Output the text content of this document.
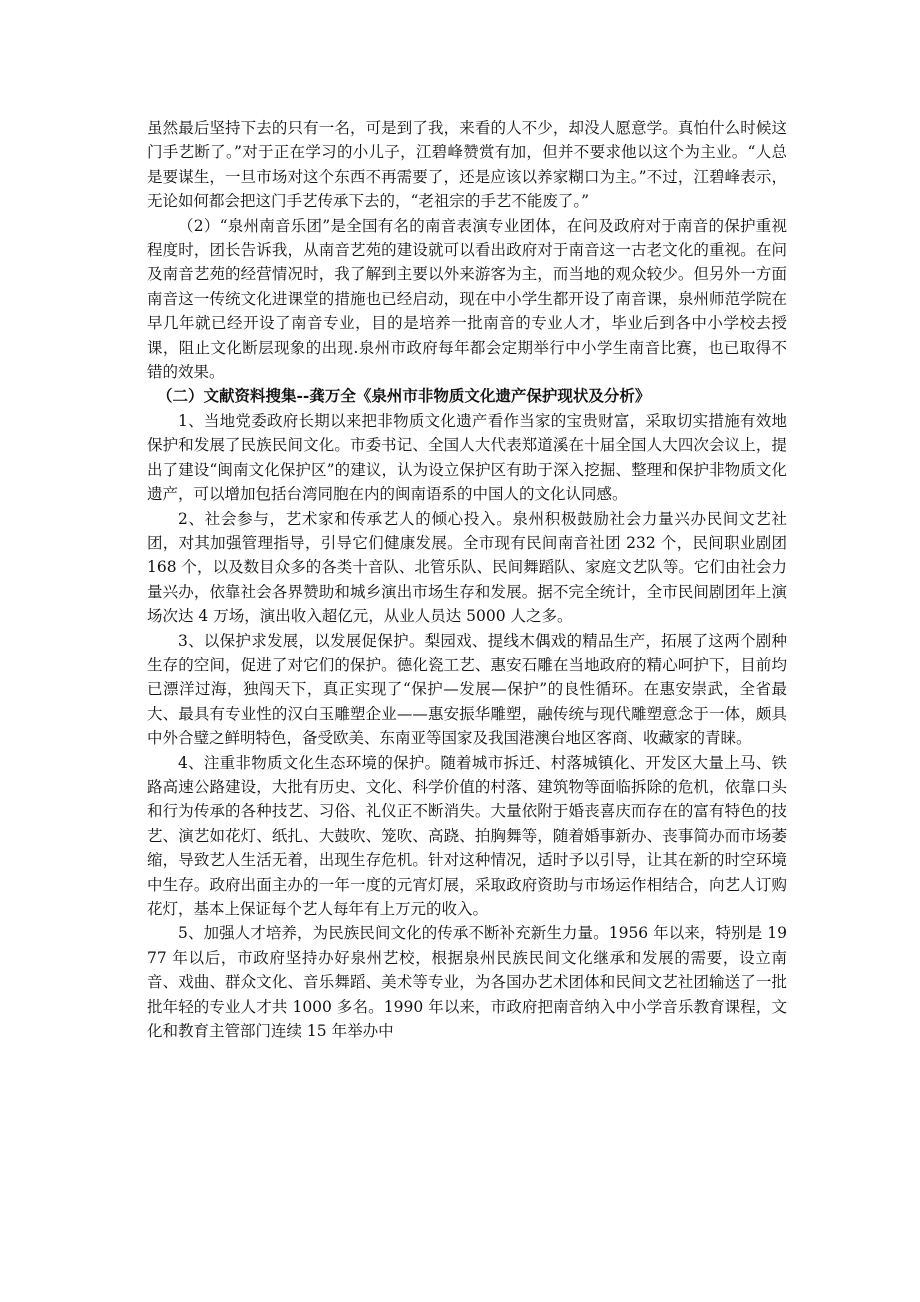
虽然最后坚持下去的只有一名，可是到了我，来看的人不少，却没人愿意学。真怕什么时候这门手艺断了。”对于正在学习的小儿子，江碧峰赞赏有加，但并不要求他以这个为主业。“人总是要谋生，一旦市场对这个东西不再需要了，还是应该以养家糊口为主。”不过，江碧峰表示，无论如何都会把这门手艺传承下去的，“老祖宗的手艺不能废了。”

（2）“泉州南音乐团”是全国有名的南音表演专业团体，在问及政府对于南音的保护重视程度时，团长告诉我，从南音艺苑的建设就可以看出政府对于南音这一古老文化的重视。在问及南音艺苑的经营情况时，我了解到主要以外来游客为主，而当地的观众较少。但另外一方面南音这一传统文化进课堂的措施也已经启动，现在中小学生都开设了南音课，泉州师范学院在早几年就已经开设了南音专业，目的是培养一批南音的专业人才，毕业后到各中小学校去授课，阻止文化断层现象的出现.泉州市政府每年都会定期举行中小学生南音比赛，也已取得不错的效果。

（二）文献资料搜集--龚万全《泉州市非物质文化遗产保护现状及分析》

1、当地党委政府长期以来把非物质文化遗产看作当家的宝贵财富，采取切实措施有效地保护和发展了民族民间文化。市委书记、全国人大代表郑道溪在十届全国人大四次会议上，提出了建设“闽南文化保护区”的建议，认为设立保护区有助于深入挖掘、整理和保护非物质文化遗产，可以增加包括台湾同胞在内的闽南语系的中国人的文化认同感。

2、社会参与，艺术家和传承艺人的倾心投入。泉州积极鼓励社会力量兴办民间文艺社团，对其加强管理指导，引导它们健康发展。全市现有民间南音社团 232 个，民间职业剧团 168 个，以及数目众多的各类十音队、北管乐队、民间舞蹈队、家庭文艺队等。它们由社会力量兴办，依靠社会各界赞助和城乡演出市场生存和发展。据不完全统计，全市民间剧团年上演场次达 4 万场，演出收入超亿元，从业人员达 5000 人之多。

3、以保护求发展，以发展促保护。梨园戏、提线木偶戏的精品生产，拓展了这两个剧种生存的空间，促进了对它们的保护。德化瓷工艺、惠安石雕在当地政府的精心呵护下，目前均已漂洋过海，独闯天下，真正实现了“保护—发展—保护”的良性循环。在惠安崇武，全省最大、最具有专业性的汉白玉雕塑企业——惠安振华雕塑，融传统与现代雕塑意念于一体，颇具中外合璧之鲜明特色，备受欧美、东南亚等国家及我国港澳台地区客商、收藏家的青睐。

4、注重非物质文化生态环境的保护。随着城市拆迁、村落城镇化、开发区大量上马、铁路高速公路建设，大批有历史、文化、科学价值的村落、建筑物等面临拆除的危机，依靠口头和行为传承的各种技艺、习俗、礼仪正不断消失。大量依附于婚丧喜庆而存在的富有特色的技艺、演艺如花灯、纸扎、大鼓吹、笼吹、高跷、拍胸舞等，随着婚事新办、丧事简办而市场萎缩，导致艺人生活无着，出现生存危机。针对这种情况，适时予以引导，让其在新的时空环境中生存。政府出面主办的一年一度的元宵灯展，采取政府资助与市场运作相结合，向艺人订购花灯，基本上保证每个艺人每年有上万元的收入。

5、加强人才培养，为民族民间文化的传承不断补充新生力量。1956 年以来，特别是 1977 年以后，市政府坚持办好泉州艺校，根据泉州民族民间文化继承和发展的需要，设立南音、戏曲、群众文化、音乐舞蹈、美术等专业，为各国办艺术团体和民间文艺社团输送了一批批年轻的专业人才共 1000 多名。1990 年以来，市政府把南音纳入中小学音乐教育课程，文化和教育主管部门连续 15 年举办中
